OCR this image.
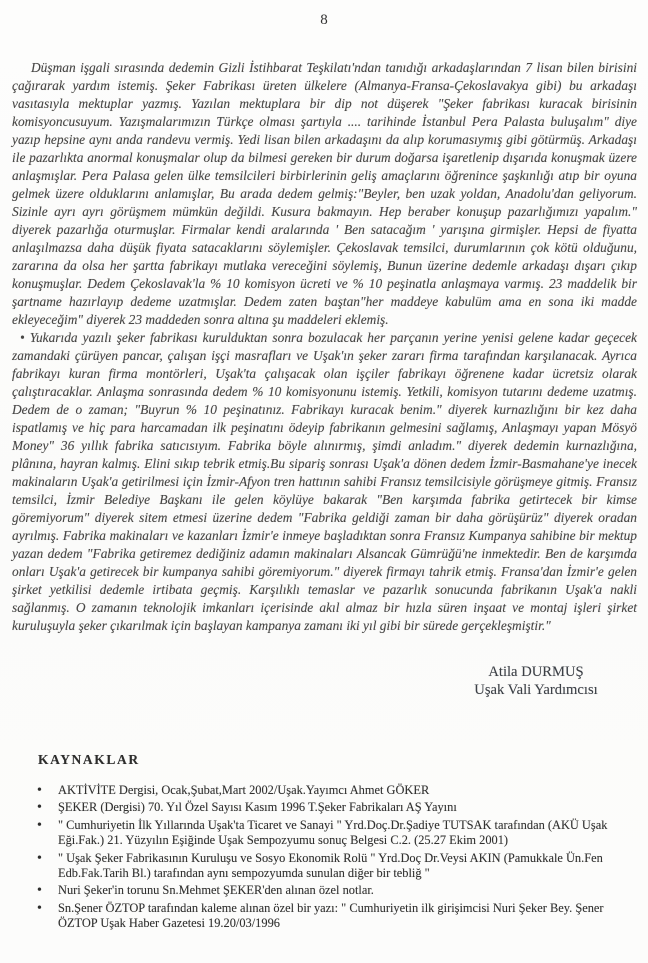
8

Düşman işgali sırasında dedemin Gizli İstihbarat Teşkilatı'ndan tanıdığı arkadaşlarından 7 lisan bilen birisini çağırarak yardım istemiş. Şeker Fabrikası üreten ülkelere (Almanya-Fransa-Çekoslavakya gibi) bu arkadaşı vasıtasıyla mektuplar yazmış. Yazılan mektuplara bir dip not düşerek "Şeker fabrikası kuracak birisinin komisyoncusuyum. Yazışmalarımızın Türkçe olması şartıyla .... tarihinde İstanbul Pera Palasta buluşalım" diye yazıp hepsine aynı anda randevu vermiş. Yedi lisan bilen arkadaşını da alıp korumasıymış gibi götürmüş. Arkadaşı ile pazarlıkta anormal konuşmalar olup da bilmesi gereken bir durum doğarsa işaretlenip dışarıda konuşmak üzere anlaşmışlar. Pera Palasa gelen ülke temsilcileri birbirlerinin geliş amaçlarını öğrenince şaşkınlığı atıp bir oyuna gelmek üzere olduklarını anlamışlar, Bu arada dedem gelmiş:"Beyler, ben uzak yoldan, Anadolu'dan geliyorum. Sizinle ayrı ayrı görüşmem mümkün değildi. Kusura bakmayın. Hep beraber konuşup pazarlığımızı yapalım." diyerek pazarlığa oturmuşlar. Firmalar kendi aralarında ' Ben satacağım ' yarışına girmişler. Hepsi de fiyatta anlaşılmazsa daha düşük fiyata satacaklarını söylemişler. Çekoslavak temsilci, durumlarının çok kötü olduğunu, zararına da olsa her şartta fabrikayı mutlaka vereceğini söylemiş, Bunun üzerine dedemle arkadaşı dışarı çıkıp konuşmuşlar. Dedem Çekoslavak'la % 10 komisyon ücreti ve % 10 peşinatla anlaşmaya varmış. 23 maddelik bir şartname hazırlayıp dedeme uzatmışlar. Dedem zaten baştan"her maddeye kabulüm ama en sona iki madde ekleyeceğim" diyerek 23 maddeden sonra altına şu maddeleri eklemiş.

• Yukarıda yazılı şeker fabrikası kurulduktan sonra bozulacak her parçanın yerine yenisi gelene kadar geçecek zamandaki çürüyen pancar, çalışan işçi masrafları ve Uşak'ın şeker zararı firma tarafından karşılanacak. Ayrıca fabrikayı kuran firma montörleri, Uşak'ta çalışacak olan işçiler fabrikayı öğrenene kadar ücretsiz olarak çalıştıracaklar. Anlaşma sonrasında dedem % 10 komisyonunu istemiş. Yetkili, komisyon tutarını dedeme uzatmış. Dedem de o zaman; "Buyrun % 10 peşinatınız. Fabrikayı kuracak benim." diyerek kurnazlığını bir kez daha ispatlamış ve hiç para harcamadan ilk peşinatını ödeyip fabrikanın gelmesini sağlamış, Anlaşmayı yapan Mösyö Money" 36 yıllık fabrika satıcısıyım. Fabrika böyle alınırmış, şimdi anladım." diyerek dedemin kurnazlığına, plânına, hayran kalmış. Elini sıkıp tebrik etmiş.Bu sipariş sonrası Uşak'a dönen dedem İzmir-Basmahane'ye inecek makinaların Uşak'a getirilmesi için İzmir-Afyon tren hattının sahibi Fransız temsilcisiyle görüşmeye gitmiş. Fransız temsilci, İzmir Belediye Başkanı ile gelen köylüye bakarak "Ben karşımda fabrika getirtecek bir kimse göremiyorum" diyerek sitem etmesi üzerine dedem "Fabrika geldiği zaman bir daha görüşürüz" diyerek oradan ayrılmış. Fabrika makinaları ve kazanları İzmir'e inmeye başladıktan sonra Fransız Kumpanya sahibine bir mektup yazan dedem "Fabrika getiremez dediğiniz adamın makinaları Alsancak Gümrüğü'ne inmektedir. Ben de karşımda onları Uşak'a getirecek bir kumpanya sahibi göremiyorum." diyerek firmayı tahrik etmiş. Fransa'dan İzmir'e gelen şirket yetkilisi dedemle irtibata geçmiş. Karşılıklı temaslar ve pazarlık sonucunda fabrikanın Uşak'a nakli sağlanmış. O zamanın teknolojik imkanları içerisinde akıl almaz bir hızla süren inşaat ve montaj işleri şirket kuruluşuyla şeker çıkarılmak için başlayan kampanya zamanı iki yıl gibi bir sürede gerçekleşmiştir."

Atila DURMUŞ
Uşak Vali Yardımcısı
KAYNAKLAR
• AKTİVİTE Dergisi, Ocak,Şubat,Mart 2002/Uşak.Yayımcı Ahmet GÖKER
• ŞEKER (Dergisi) 70. Yıl Özel Sayısı Kasım 1996 T.Şeker Fabrikaları AŞ Yayını
• " Cumhuriyetin İlk Yıllarında Uşak'ta Ticaret ve Sanayi " Yrd.Doç.Dr.Şadiye TUTSAK tarafından (AKÜ Uşak Eği.Fak.) 21. Yüzyılın Eşiğinde Uşak Sempozyumu sonuç Belgesi C.2. (25.27 Ekim 2001)
• " Uşak Şeker Fabrikasının Kuruluşu ve Sosyo Ekonomik Rolü " Yrd.Doç Dr.Veysi AKIN (Pamukkale Ün.Fen Edb.Fak.Tarih Bl.) tarafından aynı sempozyumda sunulan diğer bir tebliğ "
• Nuri Şeker'in torunu Sn.Mehmet ŞEKER'den alınan özel notlar.
• Sn.Şener ÖZTOP tarafından kaleme alınan özel bir yazı: " Cumhuriyetin ilk girişimcisi Nuri Şeker Bey. Şener ÖZTOP Uşak Haber Gazetesi 19.20/03/1996
